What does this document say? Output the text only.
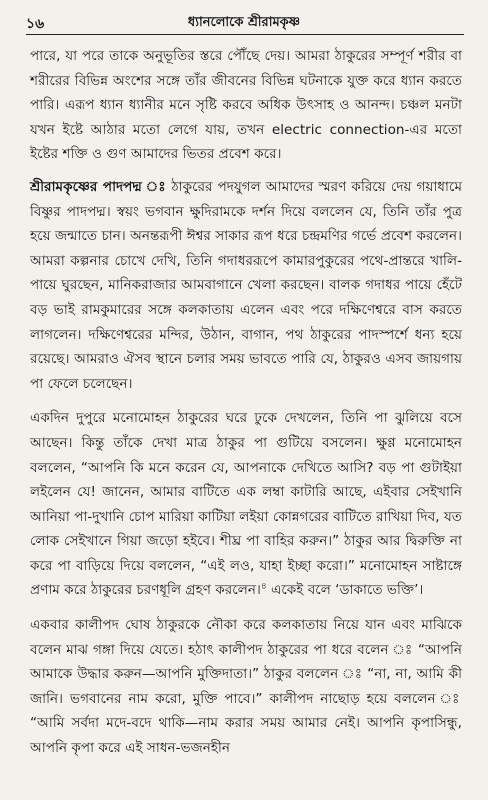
১৬	ধ্যানলোকে শ্রীরামকৃষ্ণ

পারে, যা পরে তাকে অনুভূতির স্তরে পৌঁছে দেয়। আমরা ঠাকুরের সম্পূর্ণ শরীর বা শরীরের বিভিন্ন অংশের সঙ্গে তাঁর জীবনের বিভিন্ন ঘটনাকে যুক্ত করে ধ্যান করতে পারি। এরূপ ধ্যান ধ্যানীর মনে সৃষ্টি করবে অধিক উৎসাহ ও আনন্দ। চঞ্চল মনটা যখন ইষ্টে আঠার মতো লেগে যায়, তখন electric connection-এর মতো ইষ্টের শক্তি ও গুণ আমাদের ভিতর প্রবেশ করে।

শ্রীরামকৃষ্ণের পাদপদ্ম ঃ ঠাকুরের পদযুগল আমাদের স্মরণ করিয়ে দেয় গয়াধামে বিষ্ণুর পাদপদ্ম। স্বয়ং ভগবান ক্ষুদিরামকে দর্শন দিয়ে বললেন যে, তিনি তাঁর পুত্র হয়ে জন্মাতে চান। অনন্তরূপী ঈশ্বর সাকার রূপ ধরে চন্দ্রমণির গর্ভে প্রবেশ করলেন। আমরা কল্পনার চোখে দেখি, তিনি গদাধররূপে কামারপুকুরের পথে-প্রান্তরে খালি-পায়ে ঘুরছেন, মানিকরাজার আমবাগানে খেলা করছেন। বালক গদাধর পায়ে হেঁটে বড় ভাই রামকুমারের সঙ্গে কলকাতায় এলেন এবং পরে দক্ষিণেশ্বরে বাস করতে লাগলেন। দক্ষিণেশ্বরের মন্দির, উঠান, বাগান, পথ ঠাকুরের পাদস্পর্শে ধন্য হয়ে রয়েছে। আমরাও ঐসব স্থানে চলার সময় ভাবতে পারি যে, ঠাকুরও এসব জায়গায় পা ফেলে চলেছেন।

একদিন দুপুরে মনোমোহন ঠাকুরের ঘরে ঢুকে দেখলেন, তিনি পা ঝুলিয়ে বসে আছেন। কিন্তু তাঁকে দেখা মাত্র ঠাকুর পা গুটিয়ে বসলেন। ক্ষুণ্ণ মনোমোহন বললেন, “আপনি কি মনে করেন যে, আপনাকে দেখিতে আসি? বড় পা গুটাইয়া লইলেন যে! জানেন, আমার বাটিতে এক লম্বা কাটারি আছে, এইবার সেইখানি আনিয়া পা-দুখানি চোপ মারিয়া কাটিয়া লইয়া কোন্নগরের বাটিতে রাখিয়া দিব, যত লোক সেইখানে গিয়া জড়ো হইবে। শীঘ্র পা বাহির করুন।” ঠাকুর আর দ্বিরুক্তি না করে পা বাড়িয়ে দিয়ে বললেন, “এই লও, যাহা ইচ্ছা করো।” মনোমোহন সাষ্টাঙ্গে প্রণাম করে ঠাকুরের চরণধূলি গ্রহণ করলেন।$^৪$ একেই বলে ‘ডাকাতে ভক্তি’।

একবার কালীপদ ঘোষ ঠাকুরকে নৌকা করে কলকাতায় নিয়ে যান এবং মাঝিকে বলেন মাঝ গঙ্গা দিয়ে যেতে। হঠাৎ কালীপদ ঠাকুরের পা ধরে বলেন ঃ “আপনি আমাকে উদ্ধার করুন—আপনি মুক্তিদাতা।” ঠাকুর বললেন ঃ “না, না, আমি কী জানি। ভগবানের নাম করো, মুক্তি পাবে।” কালীপদ নাছোড় হয়ে বললেন ঃ “আমি সর্বদা মদে-বদে থাকি—নাম করার সময় আমার নেই। আপনি কৃপাসিন্ধু, আপনি কৃপা করে এই সাধন-ভজনহীন
